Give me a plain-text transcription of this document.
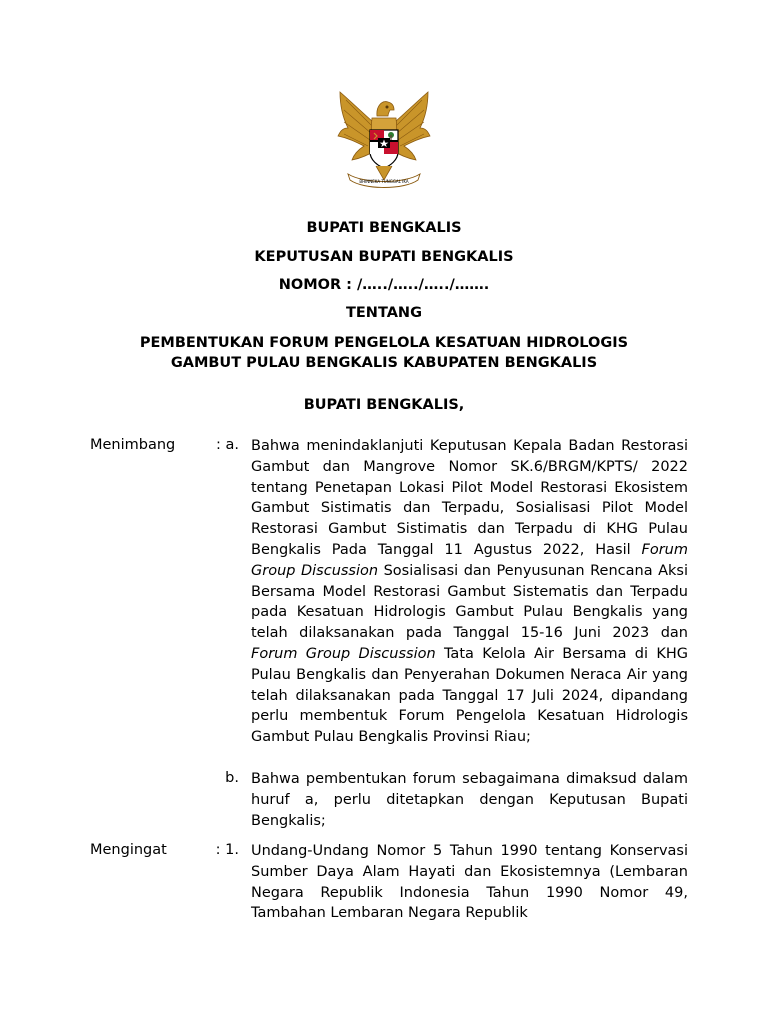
BHINNEKA TUNGGAL IKA

BUPATI BENGKALIS

KEPUTUSAN BUPATI BENGKALIS

NOMOR : /…../…../…../…….

TENTANG

PEMBENTUKAN FORUM PENGELOLA KESATUAN HIDROLOGIS

GAMBUT PULAU BENGKALIS KABUPATEN BENGKALIS

BUPATI BENGKALIS,

Menimbang	: a. Bahwa menindaklanjuti Keputusan Kepala Badan Restorasi Gambut dan Mangrove Nomor SK.6/BRGM/KPTS/ 2022 tentang Penetapan Lokasi Pilot Model Restorasi Ekosistem Gambut Sistimatis dan Terpadu, Sosialisasi Pilot Model Restorasi Gambut Sistimatis dan Terpadu di KHG Pulau Bengkalis Pada Tanggal 11 Agustus 2022, Hasil Forum Group Discussion Sosialisasi dan Penyusunan Rencana Aksi Bersama Model Restorasi Gambut Sistematis dan Terpadu pada Kesatuan Hidrologis Gambut Pulau Bengkalis yang telah dilaksanakan pada Tanggal 15-16 Juni 2023 dan Forum Group Discussion Tata Kelola Air Bersama di KHG Pulau Bengkalis dan Penyerahan Dokumen Neraca Air yang telah dilaksanakan pada Tanggal 17 Juli 2024, dipandang perlu membentuk Forum Pengelola Kesatuan Hidrologis Gambut Pulau Bengkalis Provinsi Riau;

b. Bahwa pembentukan forum sebagaimana dimaksud dalam huruf a, perlu ditetapkan dengan Keputusan Bupati Bengkalis;

Mengingat	: 1. Undang-Undang Nomor 5 Tahun 1990 tentang Konservasi Sumber Daya Alam Hayati dan Ekosistemnya (Lembaran Negara Republik Indonesia Tahun 1990 Nomor 49, Tambahan Lembaran Negara Republik
